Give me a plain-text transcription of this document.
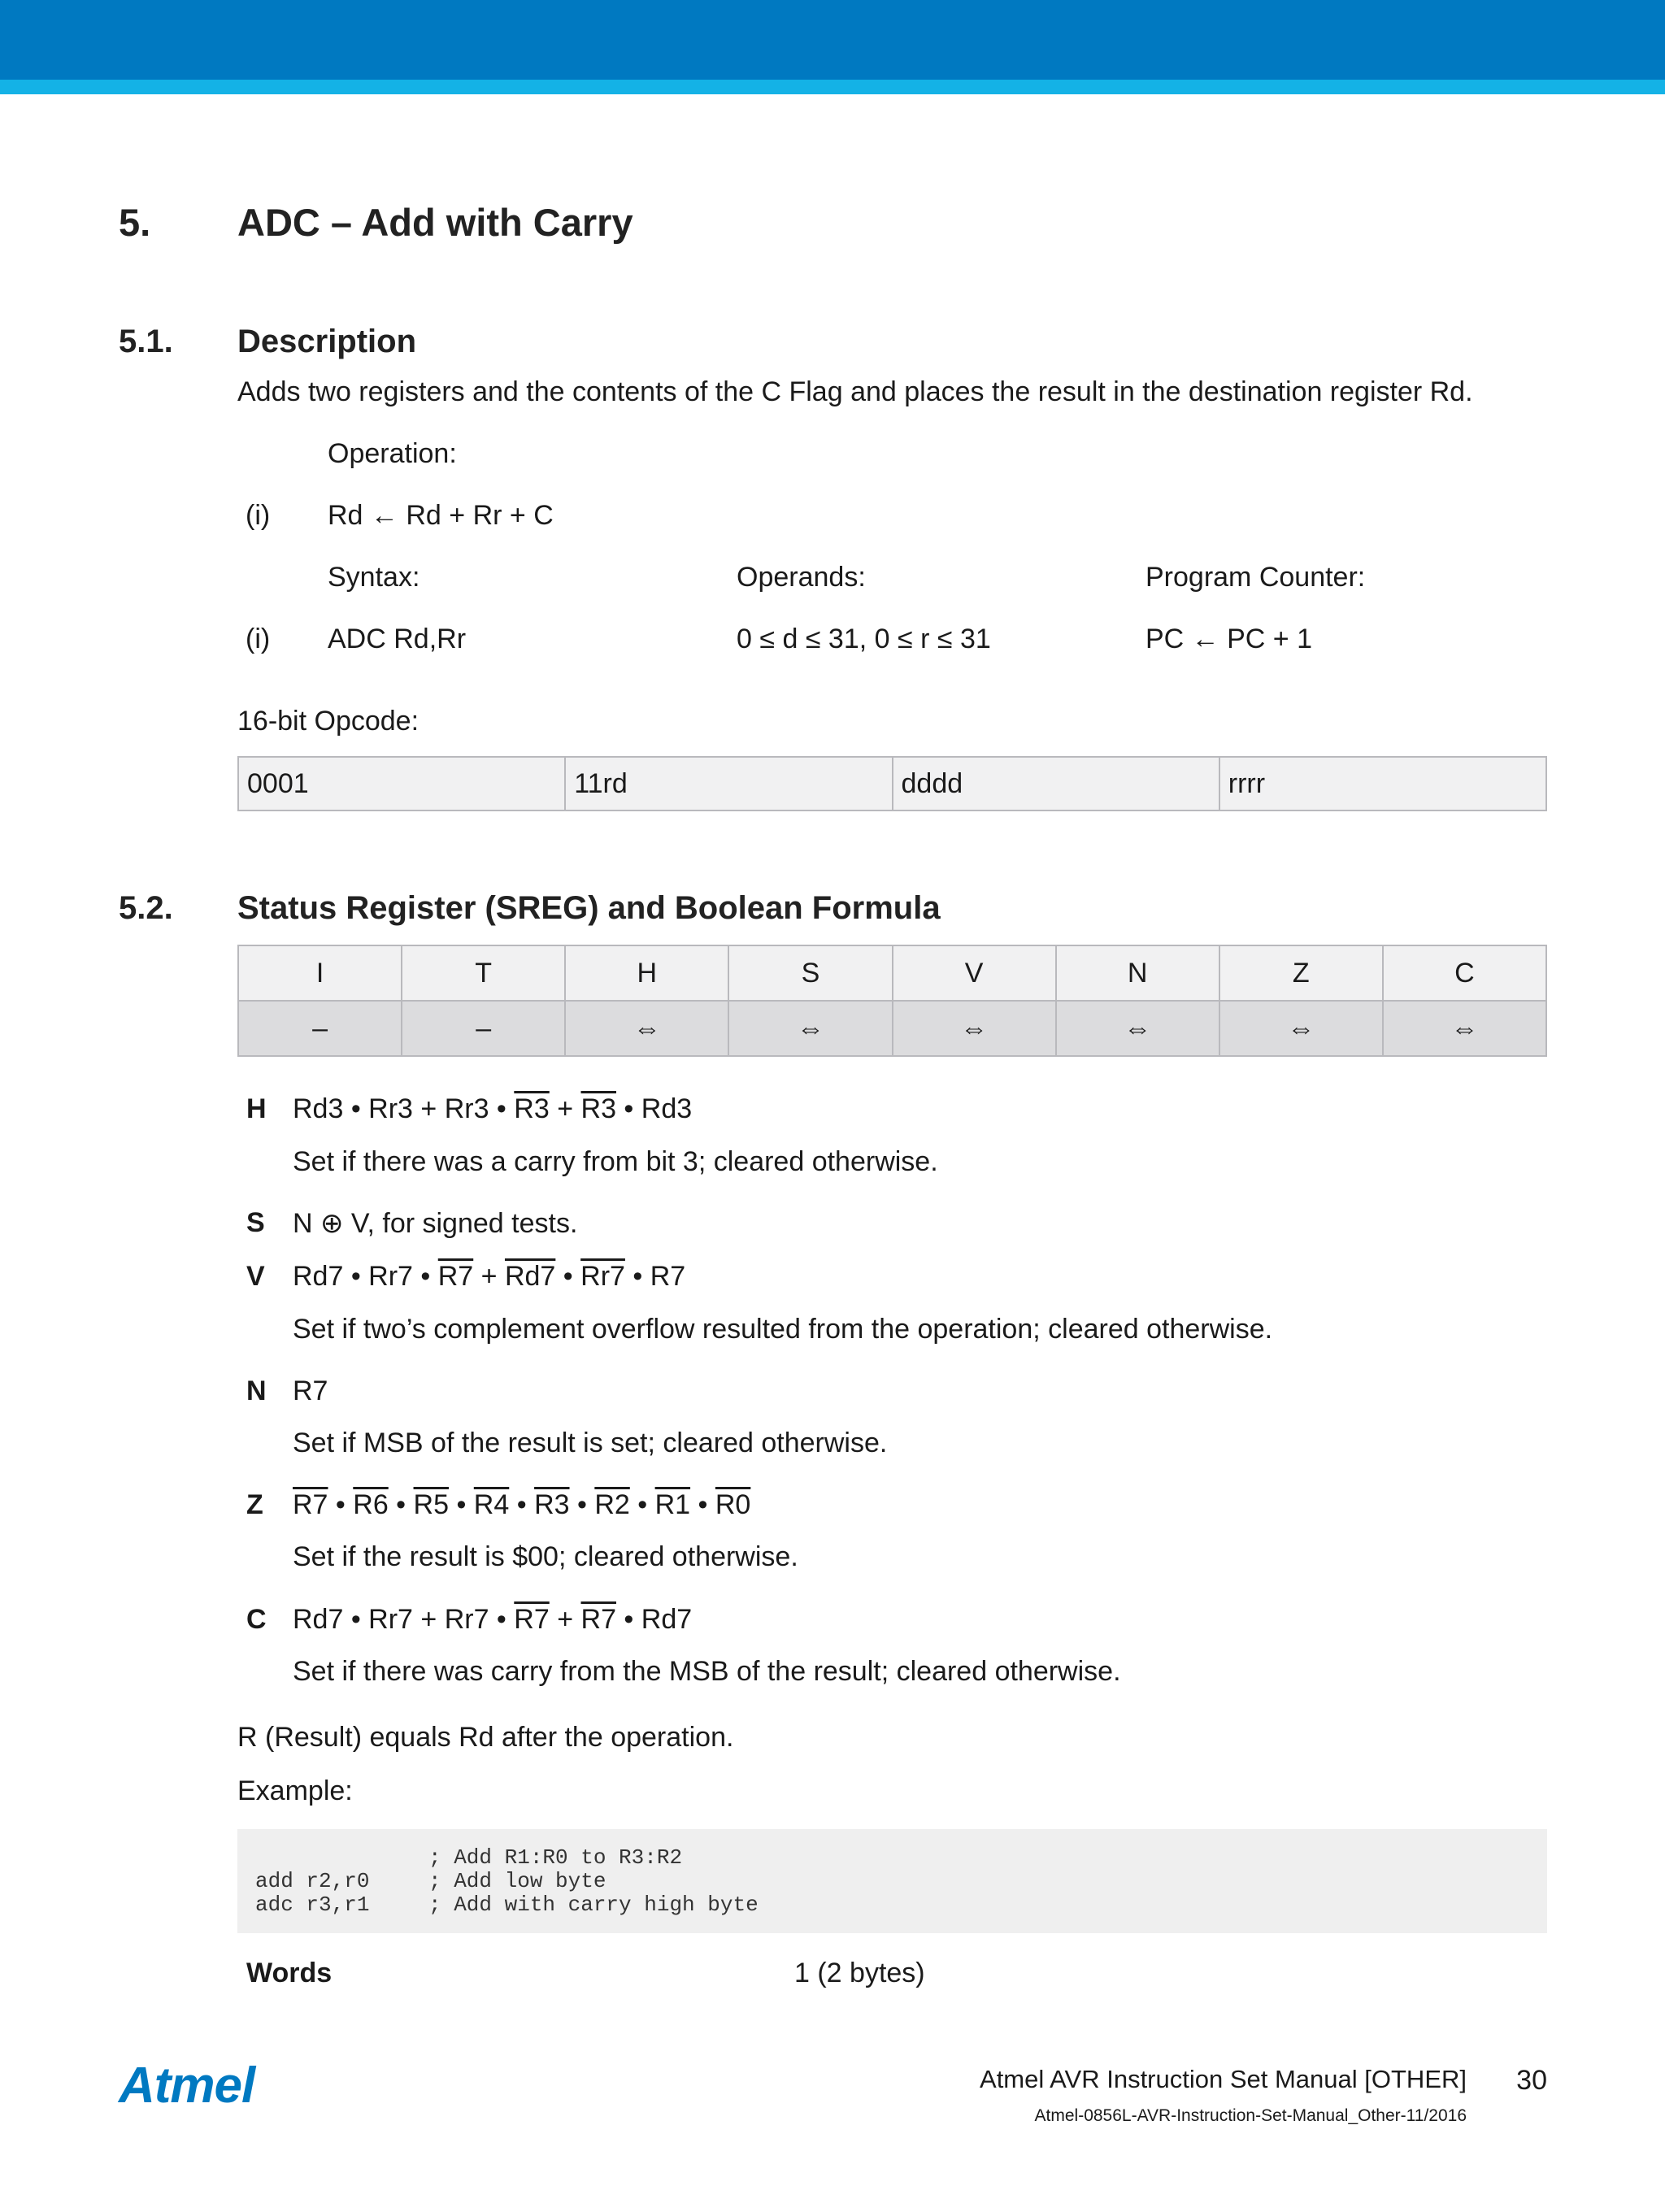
5. ADC – Add with Carry
5.1. Description
Adds two registers and the contents of the C Flag and places the result in the destination register Rd.
Operation:
(i) Rd ← Rd + Rr + C
Syntax:	Operands:	Program Counter:
(i) ADC Rd,Rr	0 ≤ d ≤ 31, 0 ≤ r ≤ 31	PC ← PC + 1
16-bit Opcode:
0001	11rd	dddd	rrrr
5.2. Status Register (SREG) and Boolean Formula
I	T	H	S	V	N	Z	C
–	–	⇔	⇔	⇔	⇔	⇔	⇔
H Rd3 • Rr3 + Rr3 • R3 + R3 • Rd3
Set if there was a carry from bit 3; cleared otherwise.
S N ⊕ V, for signed tests.
V Rd7 • Rr7 • R7 + Rd7 • Rr7 • R7
Set if two’s complement overflow resulted from the operation; cleared otherwise.
N R7
Set if MSB of the result is set; cleared otherwise.
Z R7 • R6 • R5 • R4 • R3 • R2 • R1 • R0
Set if the result is $00; cleared otherwise.
C Rd7 • Rr7 + Rr7 • R7 + R7 • Rd7
Set if there was carry from the MSB of the result; cleared otherwise.
R (Result) equals Rd after the operation.
Example:
; Add R1:R0 to R3:R2
add r2,r0	; Add low byte
adc r3,r1	; Add with carry high byte
Words	1 (2 bytes)
Atmel	Atmel AVR Instruction Set Manual [OTHER] 30
Atmel-0856L-AVR-Instruction-Set-Manual_Other-11/2016
